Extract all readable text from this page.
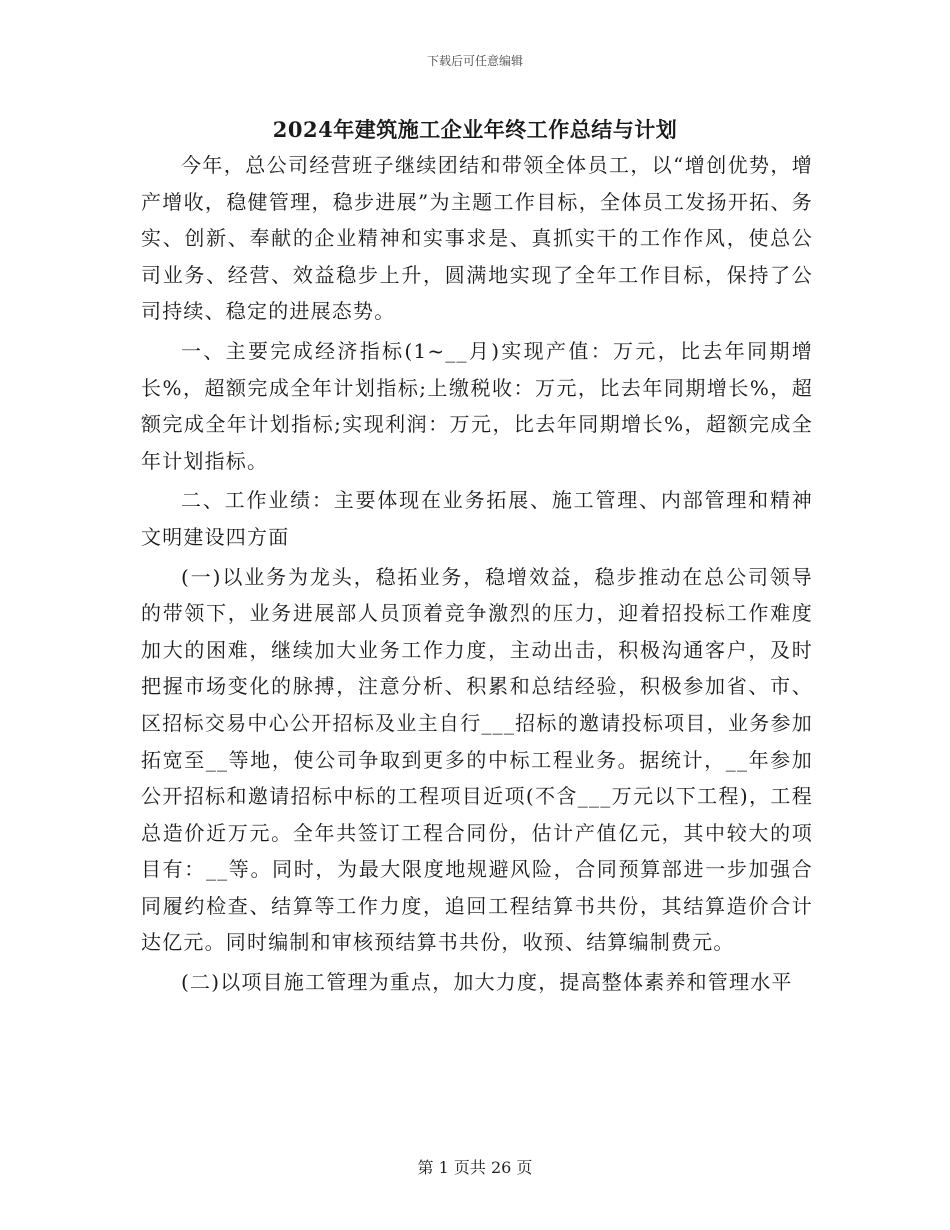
下载后可任意编辑
2024年建筑施工企业年终工作总结与计划

今年，总公司经营班子继续团结和带领全体员工，以“增创优势，增产增收，稳健管理，稳步进展”为主题工作目标，全体员工发扬开拓、务实、创新、奉献的企业精神和实事求是、真抓实干的工作作风，使总公司业务、经营、效益稳步上升，圆满地实现了全年工作目标，保持了公司持续、稳定的进展态势。

一、主要完成经济指标(1~__月)实现产值：万元，比去年同期增长%，超额完成全年计划指标;上缴税收：万元，比去年同期增长%，超额完成全年计划指标;实现利润：万元，比去年同期增长%，超额完成全年计划指标。

二、工作业绩：主要体现在业务拓展、施工管理、内部管理和精神文明建设四方面

(一)以业务为龙头，稳拓业务，稳增效益，稳步推动在总公司领导的带领下，业务进展部人员顶着竞争激烈的压力，迎着招投标工作难度加大的困难，继续加大业务工作力度，主动出击，积极沟通客户，及时把握市场变化的脉搏，注意分析、积累和总结经验，积极参加省、市、区招标交易中心公开招标及业主自行___招标的邀请投标项目，业务参加拓宽至__等地，使公司争取到更多的中标工程业务。据统计，__年参加公开招标和邀请招标中标的工程项目近项(不含___万元以下工程)，工程总造价近万元。全年共签订工程合同份，估计产值亿元，其中较大的项目有：__等。同时，为最大限度地规避风险，合同预算部进一步加强合同履约检查、结算等工作力度，追回工程结算书共份，其结算造价合计达亿元。同时编制和审核预结算书共份，收预、结算编制费元。

(二)以项目施工管理为重点，加大力度，提高整体素养和管理水平

第 1 页共 26 页
